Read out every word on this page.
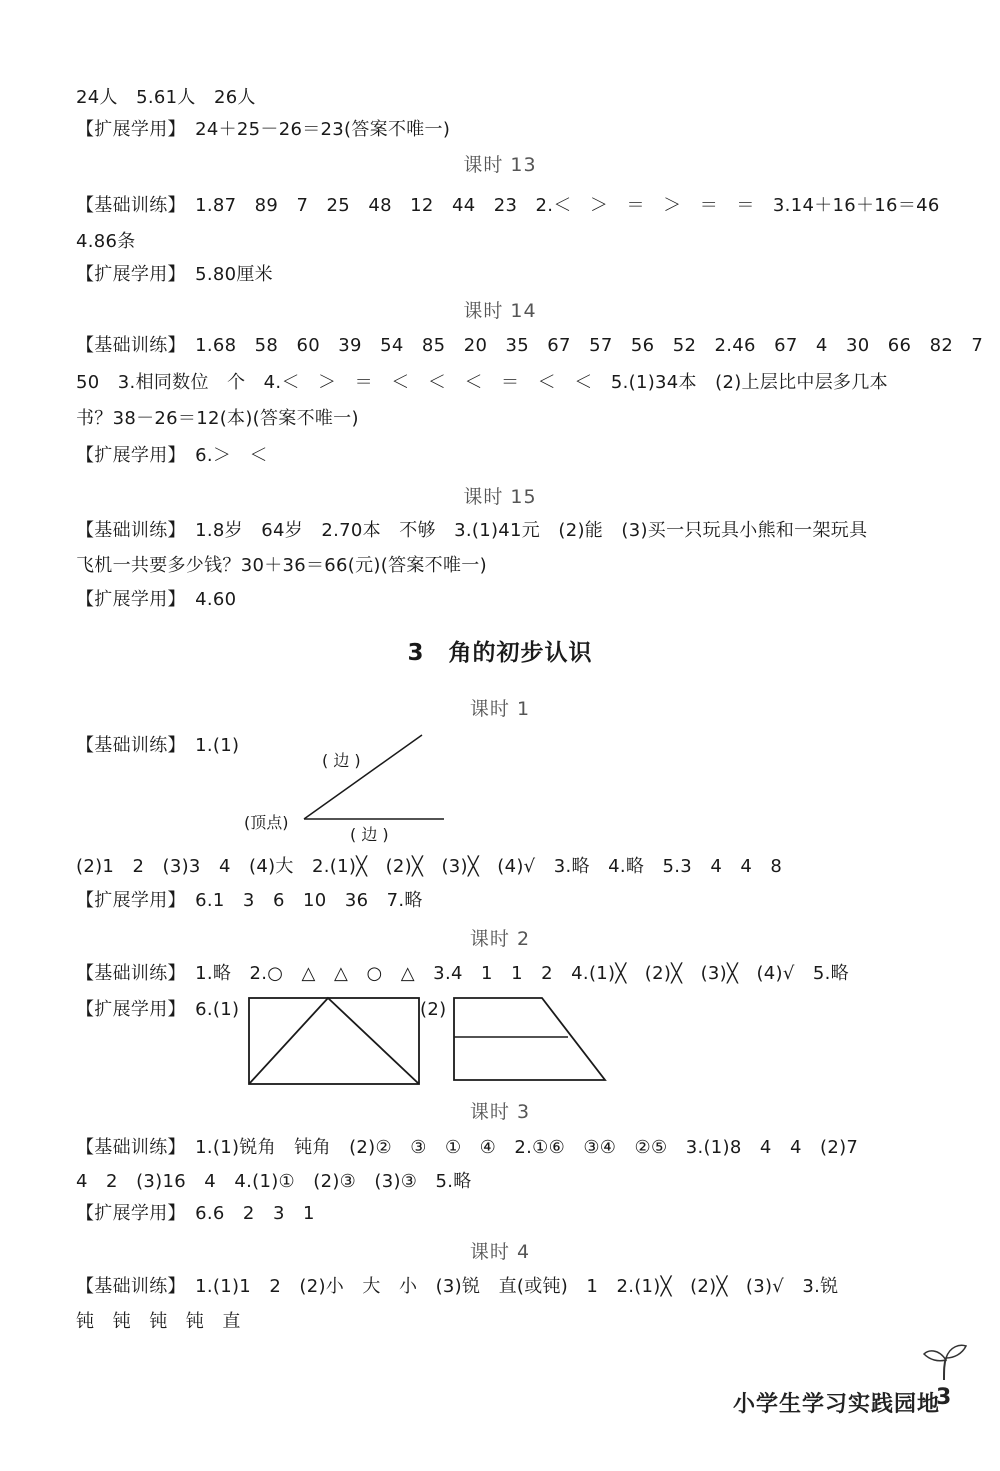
24人　5.61人　26人
【扩展学用】　24＋25－26＝23(答案不唯一)
课时 13
【基础训练】　1.87　89　7　25　48　12　44　23　2.＜　＞　＝　＞　＝　＝　3.14＋16＋16＝46
4.86条
【扩展学用】　5.80厘米
课时 14
【基础训练】　1.68　58　60　39　54　85　20　35　67　57　56　52　2.46　67　4　30　66　82　7
50　3.相同数位　个　4.＜　＞　＝　＜　＜　＜　＝　＜　＜　5.(1)34本　(2)上层比中层多几本
书？38－26＝12(本)(答案不唯一)
【扩展学用】　6.＞　＜
课时 15
【基础训练】　1.8岁　64岁　2.70本　不够　3.(1)41元　(2)能　(3)买一只玩具小熊和一架玩具
飞机一共要多少钱？30＋36＝66(元)(答案不唯一)
【扩展学用】　4.60
3　角的初步认识
课时 1
【基础训练】　1.(1)
( 边 )
(顶点)
( 边 )
(2)1　2　(3)3　4　(4)大　2.(1)╳　(2)╳　(3)╳　(4)√　3.略　4.略　5.3　4　4　8
【扩展学用】　6.1　3　6　10　36　7.略
课时 2
【基础训练】　1.略　2.○　△　△　○　△　3.4　1　1　2　4.(1)╳　(2)╳　(3)╳　(4)√　5.略
【扩展学用】　6.(1)	(2)
课时 3
【基础训练】　1.(1)锐角　钝角　(2)②　③　①　④　2.①⑥　③④　②⑤　3.(1)8　4　4　(2)7
4　2　(3)16　4　4.(1)①　(2)③　(3)③　5.略
【扩展学用】　6.6　2　3　1
课时 4
【基础训练】　1.(1)1　2　(2)小　大　小　(3)锐　直(或钝)　1　2.(1)╳　(2)╳　(3)√　3.锐
钝　钝　钝　钝　直
小学生学习实践园地
3
